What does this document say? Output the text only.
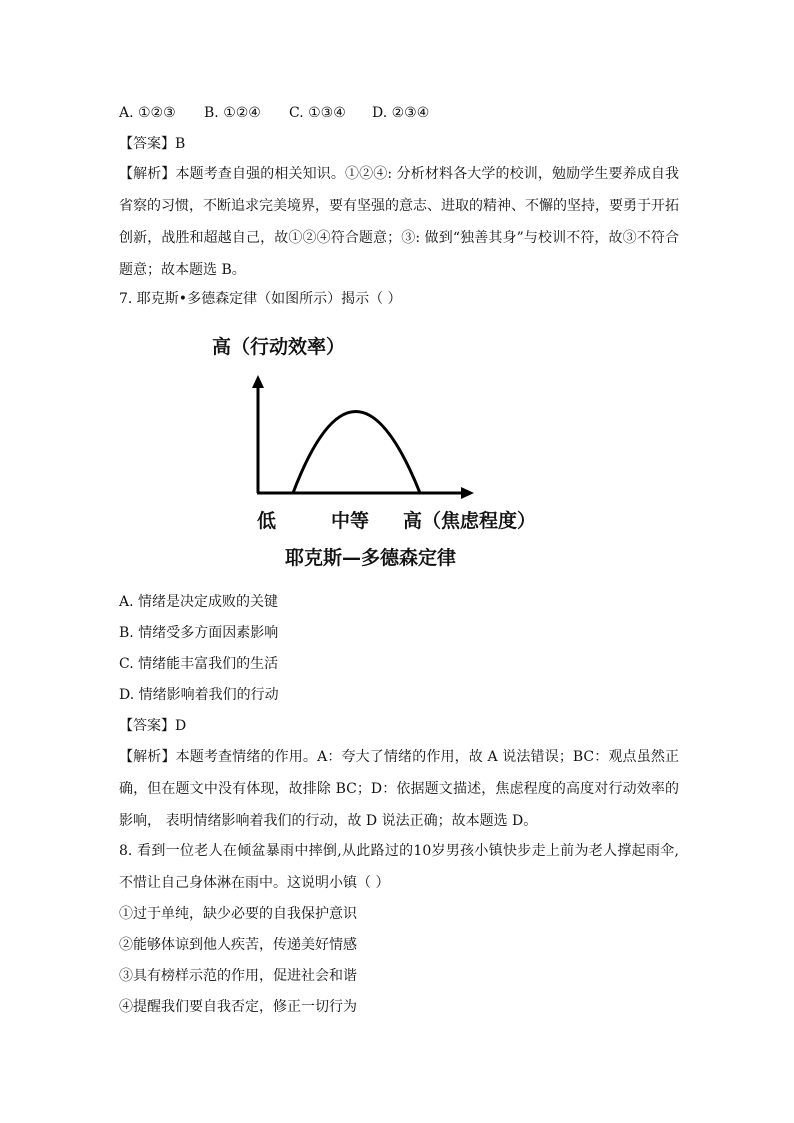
A. ①②③ B. ①②④ C. ①③④ D. ②③④
【答案】B
【解析】本题考查自强的相关知识。①②④: 分析材料各大学的校训，勉励学生要养成自我省察的习惯，不断追求完美境界，要有坚强的意志、进取的精神、不懈的坚持，要勇于开拓创新，战胜和超越自己，故①②④符合题意；③: 做到“独善其身”与校训不符，故③不符合题意；故本题选 B。
7. 耶克斯•多德森定律（如图所示）揭示（ ）
高（行动效率）
低	中等 高（焦虑程度）
耶克斯—多德森定律
A. 情绪是决定成败的关键
B. 情绪受多方面因素影响
C. 情绪能丰富我们的生活
D. 情绪影响着我们的行动
【答案】D
【解析】本题考查情绪的作用。A：夸大了情绪的作用，故 A 说法错误；BC：观点虽然正确，但在题文中没有体现，故排除 BC；D：依据题文描述，焦虑程度的高度对行动效率的影响， 表明情绪影响着我们的行动，故 D 说法正确；故本题选 D。
8. 看到一位老人在倾盆暴雨中摔倒,从此路过的10岁男孩小镇快步走上前为老人撑起雨伞,不惜让自己身体淋在雨中。这说明小镇（ ）
①过于单纯，缺少必要的自我保护意识
②能够体谅到他人疾苦，传递美好情感
③具有榜样示范的作用，促进社会和谐
④提醒我们要自我否定，修正一切行为
